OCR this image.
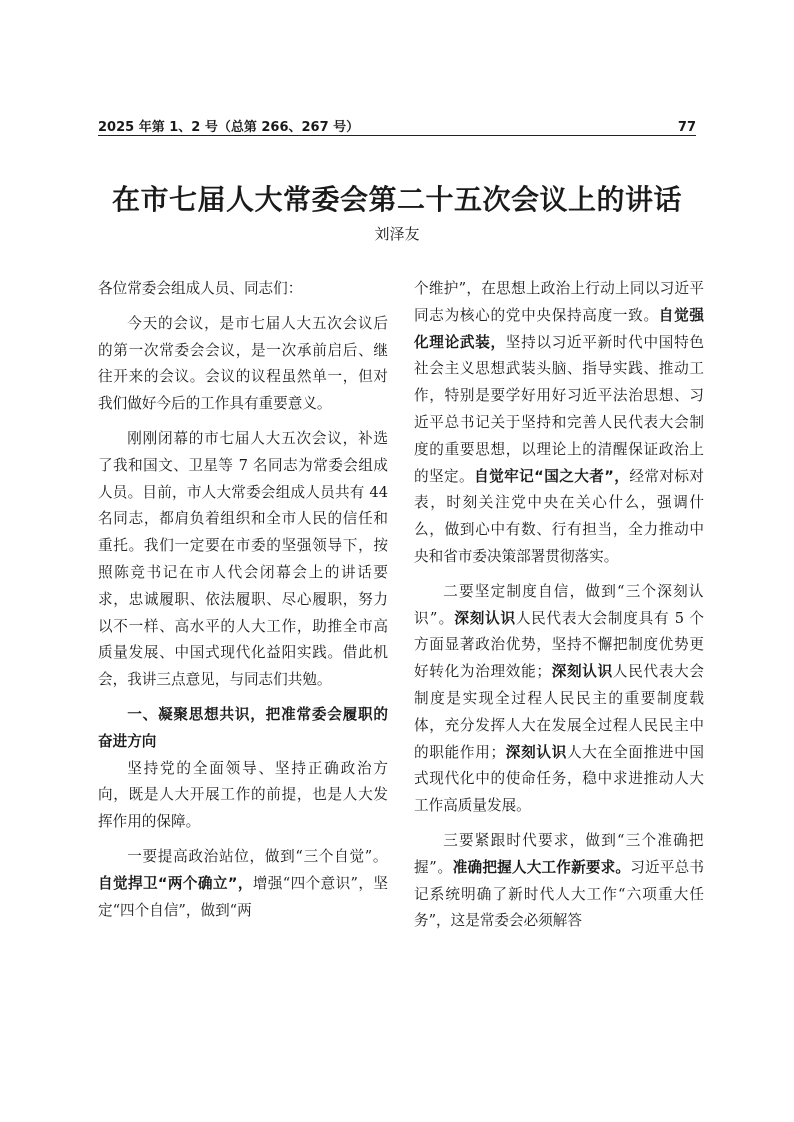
2025 年第 1、2 号（总第 266、267 号）	77
在市七届人大常委会第二十五次会议上的讲话
刘泽友

各位常委会组成人员、同志们：

今天的会议，是市七届人大五次会议后的第一次常委会会议，是一次承前启后、继往开来的会议。会议的议程虽然单一，但对我们做好今后的工作具有重要意义。

刚刚闭幕的市七届人大五次会议，补选了我和国文、卫星等 7 名同志为常委会组成人员。目前，市人大常委会组成人员共有 44 名同志，都肩负着组织和全市人民的信任和重托。我们一定要在市委的坚强领导下，按照陈竞书记在市人代会闭幕会上的讲话要求，忠诚履职、依法履职、尽心履职，努力以不一样、高水平的人大工作，助推全市高质量发展、中国式现代化益阳实践。借此机会，我讲三点意见，与同志们共勉。

一、凝聚思想共识，把准常委会履职的奋进方向

坚持党的全面领导、坚持正确政治方向，既是人大开展工作的前提，也是人大发挥作用的保障。

一要提高政治站位，做到“三个自觉”。自觉捍卫“两个确立”，增强“四个意识”，坚定“四个自信”，做到“两

个维护”，在思想上政治上行动上同以习近平同志为核心的党中央保持高度一致。自觉强化理论武装，坚持以习近平新时代中国特色社会主义思想武装头脑、指导实践、推动工作，特别是要学好用好习近平法治思想、习近平总书记关于坚持和完善人民代表大会制度的重要思想，以理论上的清醒保证政治上的坚定。自觉牢记“国之大者”，经常对标对表，时刻关注党中央在关心什么，强调什么，做到心中有数、行有担当，全力推动中央和省市委决策部署贯彻落实。

二要坚定制度自信，做到“三个深刻认识”。深刻认识人民代表大会制度具有 5 个方面显著政治优势，坚持不懈把制度优势更好转化为治理效能；深刻认识人民代表大会制度是实现全过程人民民主的重要制度载体，充分发挥人大在发展全过程人民民主中的职能作用；深刻认识人大在全面推进中国式现代化中的使命任务，稳中求进推动人大工作高质量发展。

三要紧跟时代要求，做到“三个准确把握”。准确把握人大工作新要求。习近平总书记系统明确了新时代人大工作“六项重大任务”，这是常委会必须解答
